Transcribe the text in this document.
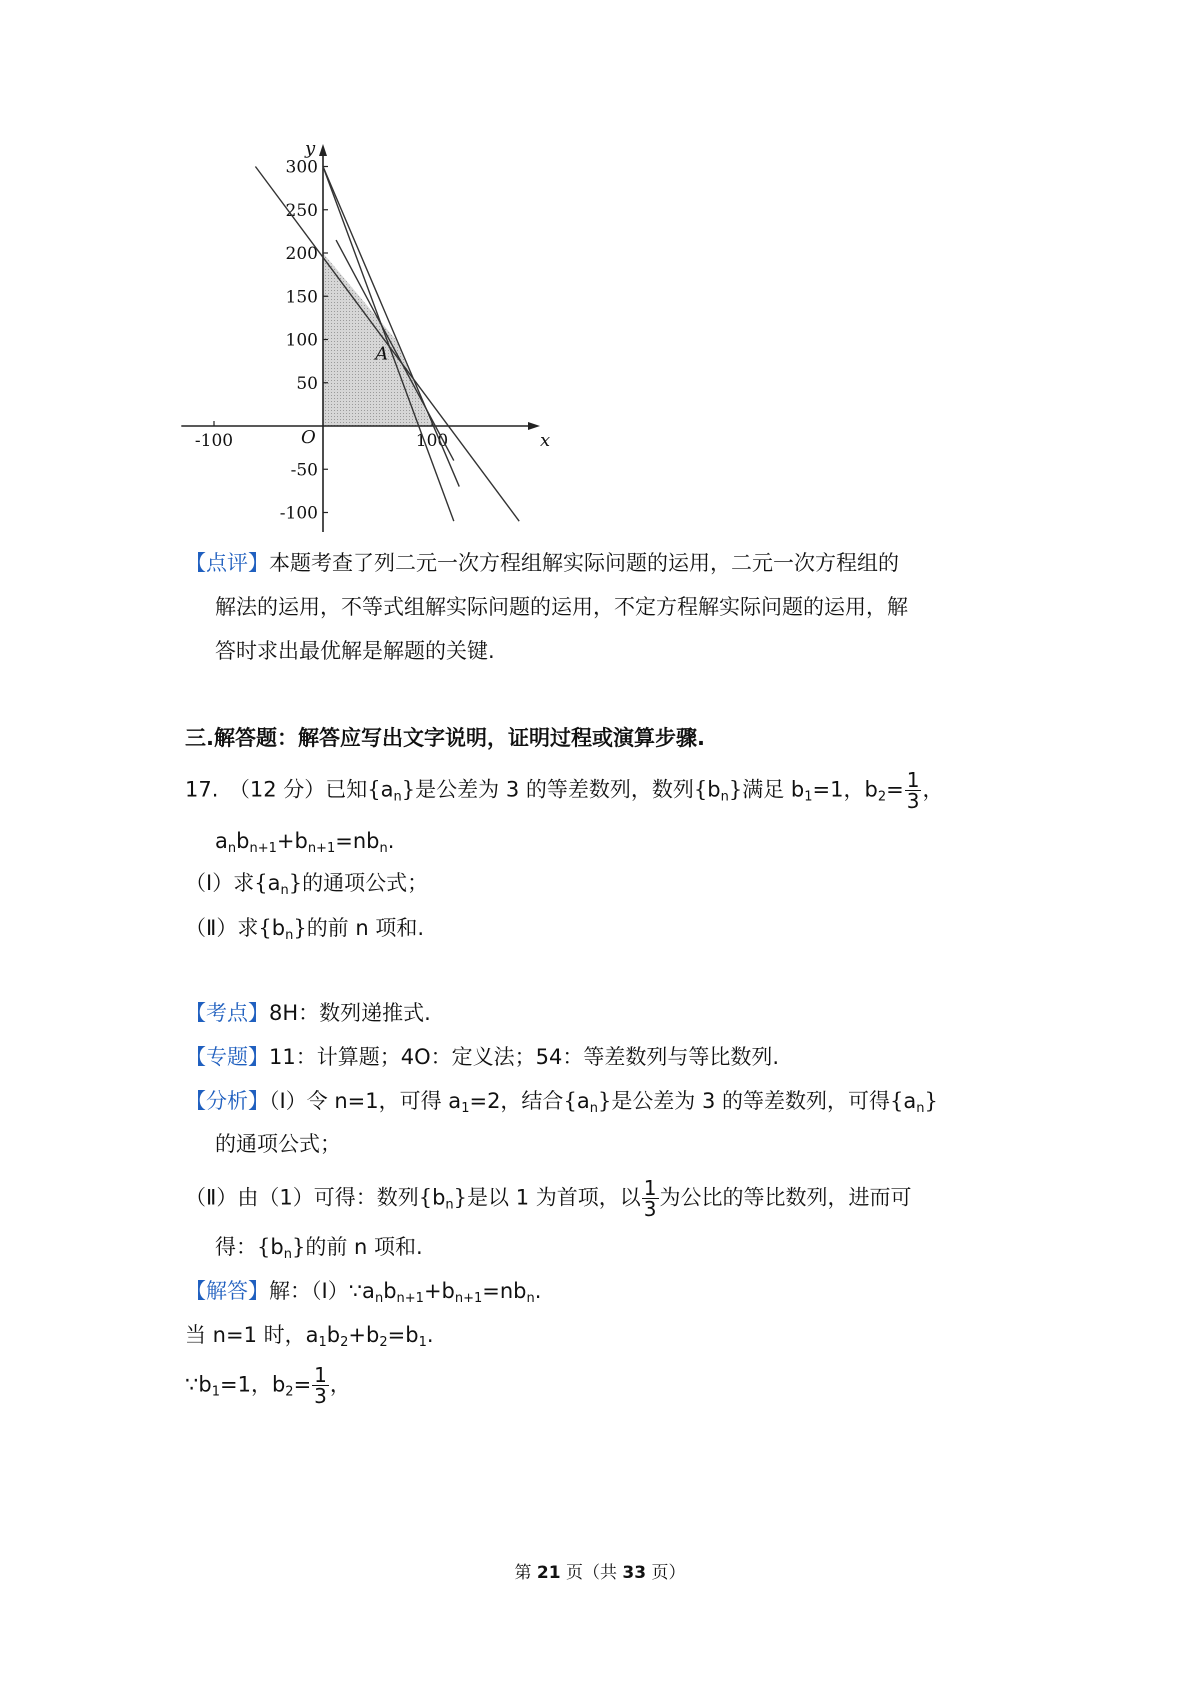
300
250
200
150
100
50
-50
-100
-100	100	x
y
O
A
【点评】本题考查了列二元一次方程组解实际问题的运用，二元一次方程组的
解法的运用，不等式组解实际问题的运用，不定方程解实际问题的运用，解
答时求出最优解是解题的关键.
三.解答题：解答应写出文字说明，证明过程或演算步骤.
17.　（12 分）已知$\{a_n\}$是公差为 3 的等差数列，数列$\{b_n\}$满足 $b_1=1$，$b_2= \frac{1}{3}$ ，
$a_nb_{n+1}+b_{n+1}=nb_n$.
（Ⅰ）求$\{a_n\}$的通项公式；
（Ⅱ）求$\{b_n\}$的前 n 项和.
【考点】8H：数列递推式.
【专题】11：计算题；4O：定义法；54：等差数列与等比数列.
【分析】（Ⅰ）令 n=1，可得 $a_1=2$，结合$\{a_n\}$是公差为 3 的等差数列，可得$\{a_n\}$
的通项公式；
（Ⅱ）由（1）可得：数列$\{b_n\}$是以 1 为首项，以 $\frac{1}{3}$ 为公比的等比数列，进而可
得：$\{b_n\}$的前 n 项和.
【解答】解：$(Ⅰ)\because a_nb_{n+1}+b_{n+1}=nb_n$.
当 n=1 时，$a_1b_2+b_2=b_1$.
$\because b_1=1$，$b_2= \frac{1}{3}$ ，
第 21 页（共 33 页）
